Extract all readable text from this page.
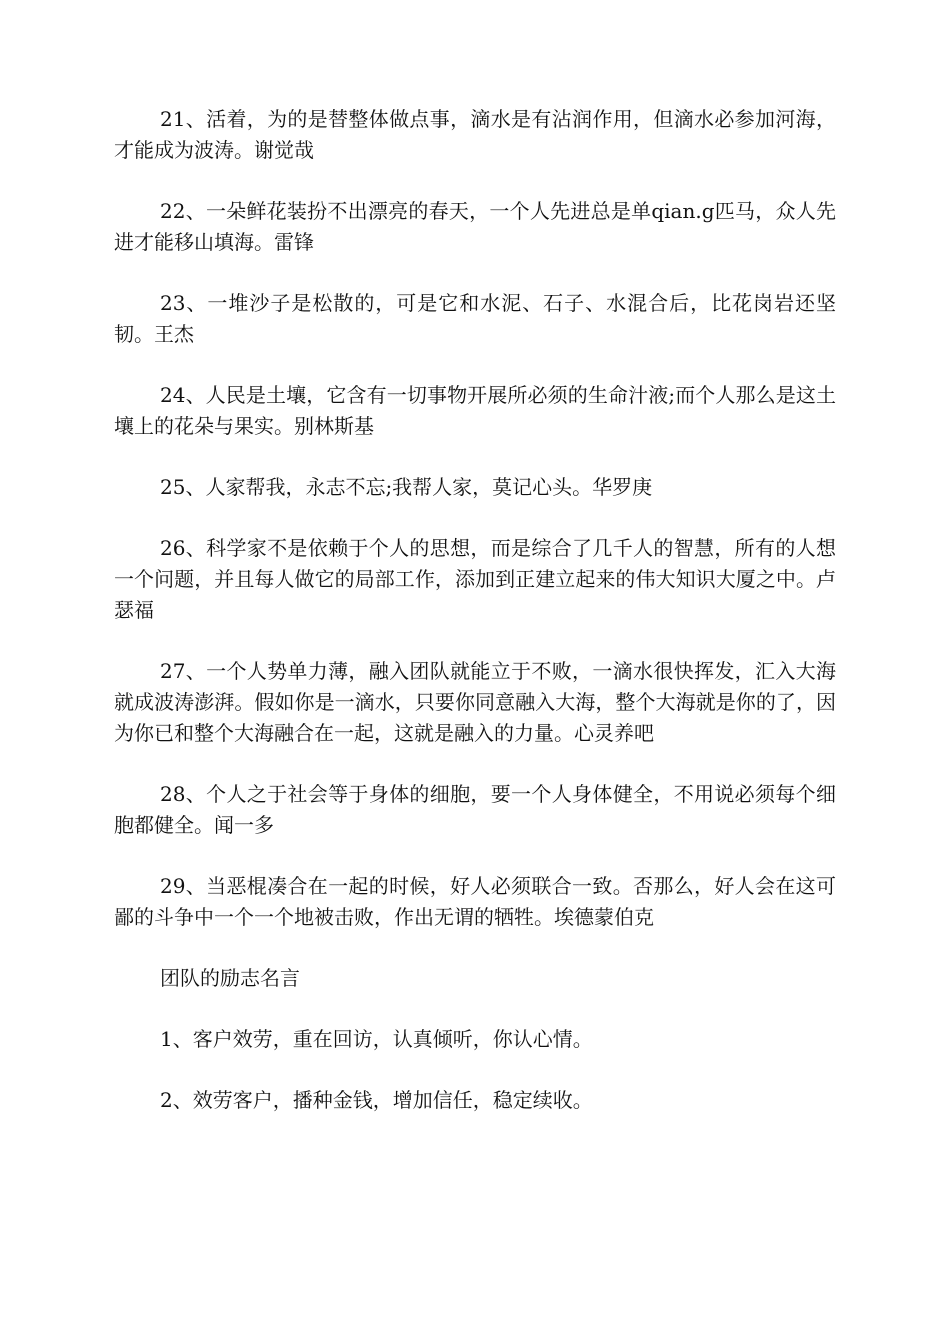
21、活着，为的是替整体做点事，滴水是有沾润作用，但滴水必参加河海，才能成为波涛。谢觉哉

22、一朵鲜花装扮不出漂亮的春天，一个人先进总是单qian.g匹马，众人先进才能移山填海。雷锋

23、一堆沙子是松散的，可是它和水泥、石子、水混合后，比花岗岩还坚韧。王杰

24、人民是土壤，它含有一切事物开展所必须的生命汁液;而个人那么是这土壤上的花朵与果实。别林斯基

25、人家帮我，永志不忘;我帮人家，莫记心头。华罗庚

26、科学家不是依赖于个人的思想，而是综合了几千人的智慧，所有的人想一个问题，并且每人做它的局部工作，添加到正建立起来的伟大知识大厦之中。卢瑟福

27、一个人势单力薄，融入团队就能立于不败，一滴水很快挥发，汇入大海就成波涛澎湃。假如你是一滴水，只要你同意融入大海，整个大海就是你的了，因为你已和整个大海融合在一起，这就是融入的力量。心灵养吧

28、个人之于社会等于身体的细胞，要一个人身体健全，不用说必须每个细胞都健全。闻一多

29、当恶棍凑合在一起的时候，好人必须联合一致。否那么，好人会在这可鄙的斗争中一个一个地被击败，作出无谓的牺牲。埃德蒙伯克

团队的励志名言

1、客户效劳，重在回访，认真倾听，你认心情。

2、效劳客户，播种金钱，增加信任，稳定续收。
